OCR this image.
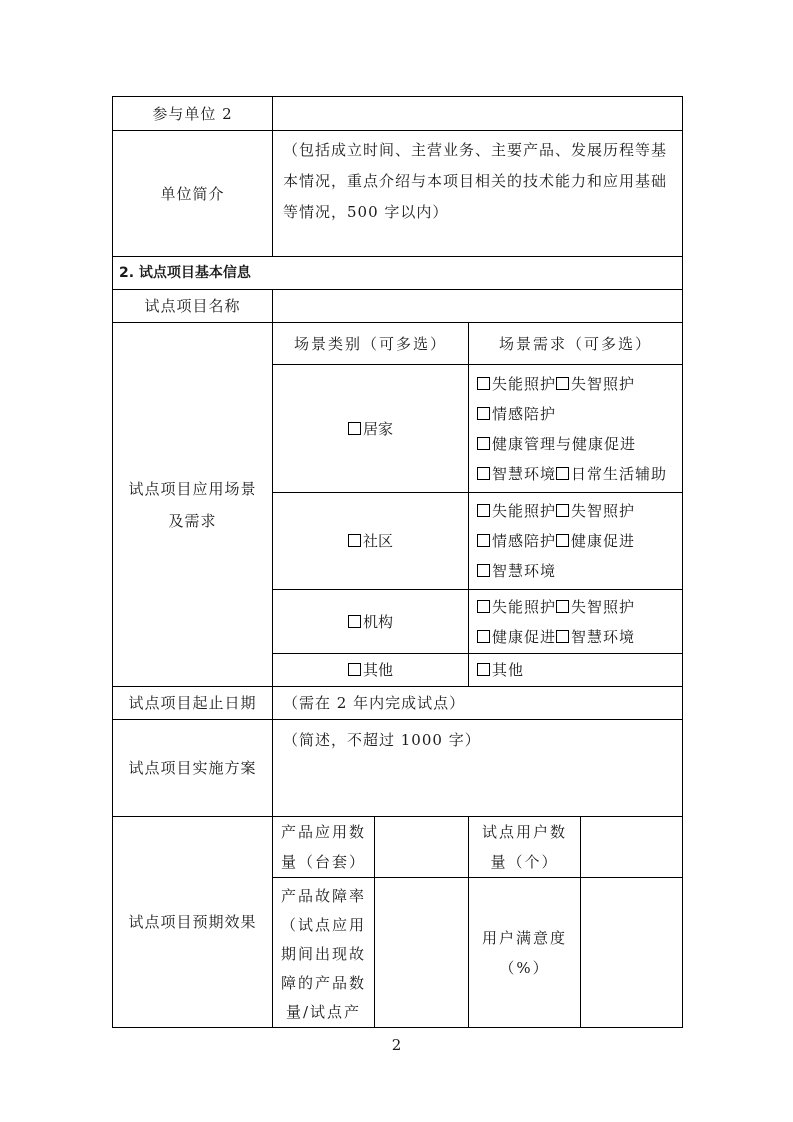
参与单位 2				
单位简介	（包括成立时间、主营业务、主要产品、发展历程等基本情况，重点介绍与本项目相关的技术能力和应用基础等情况，500 字以内）			
2. 试点项目基本信息				
试点项目名称				
试点项目应用场景及需求	场景类别（可多选）		场景需求（可多选）	
	居家		失能照护 失智照护
情感陪护
健康管理与健康促进
智慧环境 日常生活辅助	

	社区		失能照护 失智照护
情感陪护 健康促进
智慧环境	

	机构		失能照护 失智照护
健康促进 智慧环境	

	其他		其他	

试点项目起止日期	（需在 2 年内完成试点）			
试点项目实施方案	（简述，不超过 1000 字）			
试点项目预期效果	产品应用数量（台套）		试点用户数量（个）	
	产品故障率（试点应用期间出现故障的产品数量/试点产		用户满意度（%）	
2
